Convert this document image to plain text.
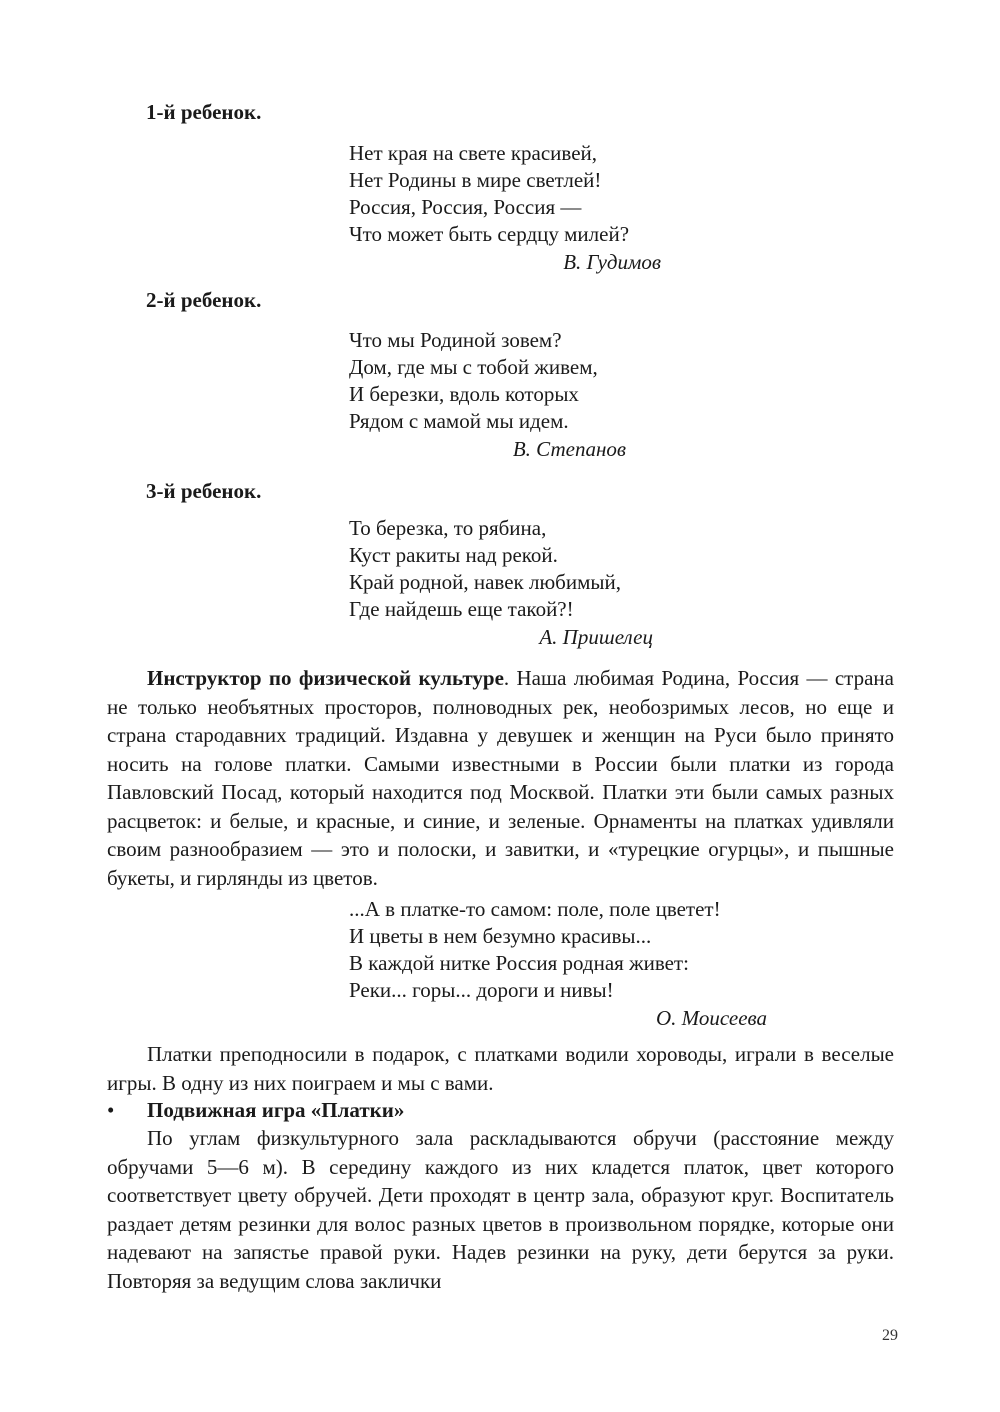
1-й ребенок.

Нет края на свете красивей,
Нет Родины в мире светлей!
Россия, Россия, Россия —
Что может быть сердцу милей?
В. Гудимов

2-й ребенок.

Что мы Родиной зовем?
Дом, где мы с тобой живем,
И березки, вдоль которых
Рядом с мамой мы идем.
В. Степанов

3-й ребенок.

То березка, то рябина,
Куст ракиты над рекой.
Край родной, навек любимый,
Где найдешь еще такой?!
А. Пришелец

Инструктор по физической культуре. Наша любимая Родина, Россия — страна не только необъятных просторов, полноводных рек, необозримых лесов, но еще и страна стародавних традиций. Издавна у девушек и женщин на Руси было принято носить на голове платки. Самыми известными в России были платки из города Павловский Посад, который находится под Москвой. Платки эти были самых разных расцветок: и белые, и красные, и синие, и зеленые. Орнаменты на платках удивляли своим разнообразием — это и полоски, и завитки, и «турецкие огурцы», и пышные букеты, и гирлянды из цветов.

...А в платке-то самом: поле, поле цветет!
И цветы в нем безумно красивы...
В каждой нитке Россия родная живет:
Реки... горы... дороги и нивы!
О. Моисеева

Платки преподносили в подарок, с платками водили хороводы, играли в веселые игры. В одну из них поиграем и мы с вами.

• Подвижная игра «Платки»

По углам физкультурного зала раскладываются обручи (расстояние между обручами 5—6 м). В середину каждого из них кладется платок, цвет которого соответствует цвету обручей. Дети проходят в центр зала, образуют круг. Воспитатель раздает детям резинки для волос разных цветов в произвольном порядке, которые они надевают на запястье правой руки. Надев резинки на руку, дети берутся за руки. Повторяя за ведущим слова заклички

29
